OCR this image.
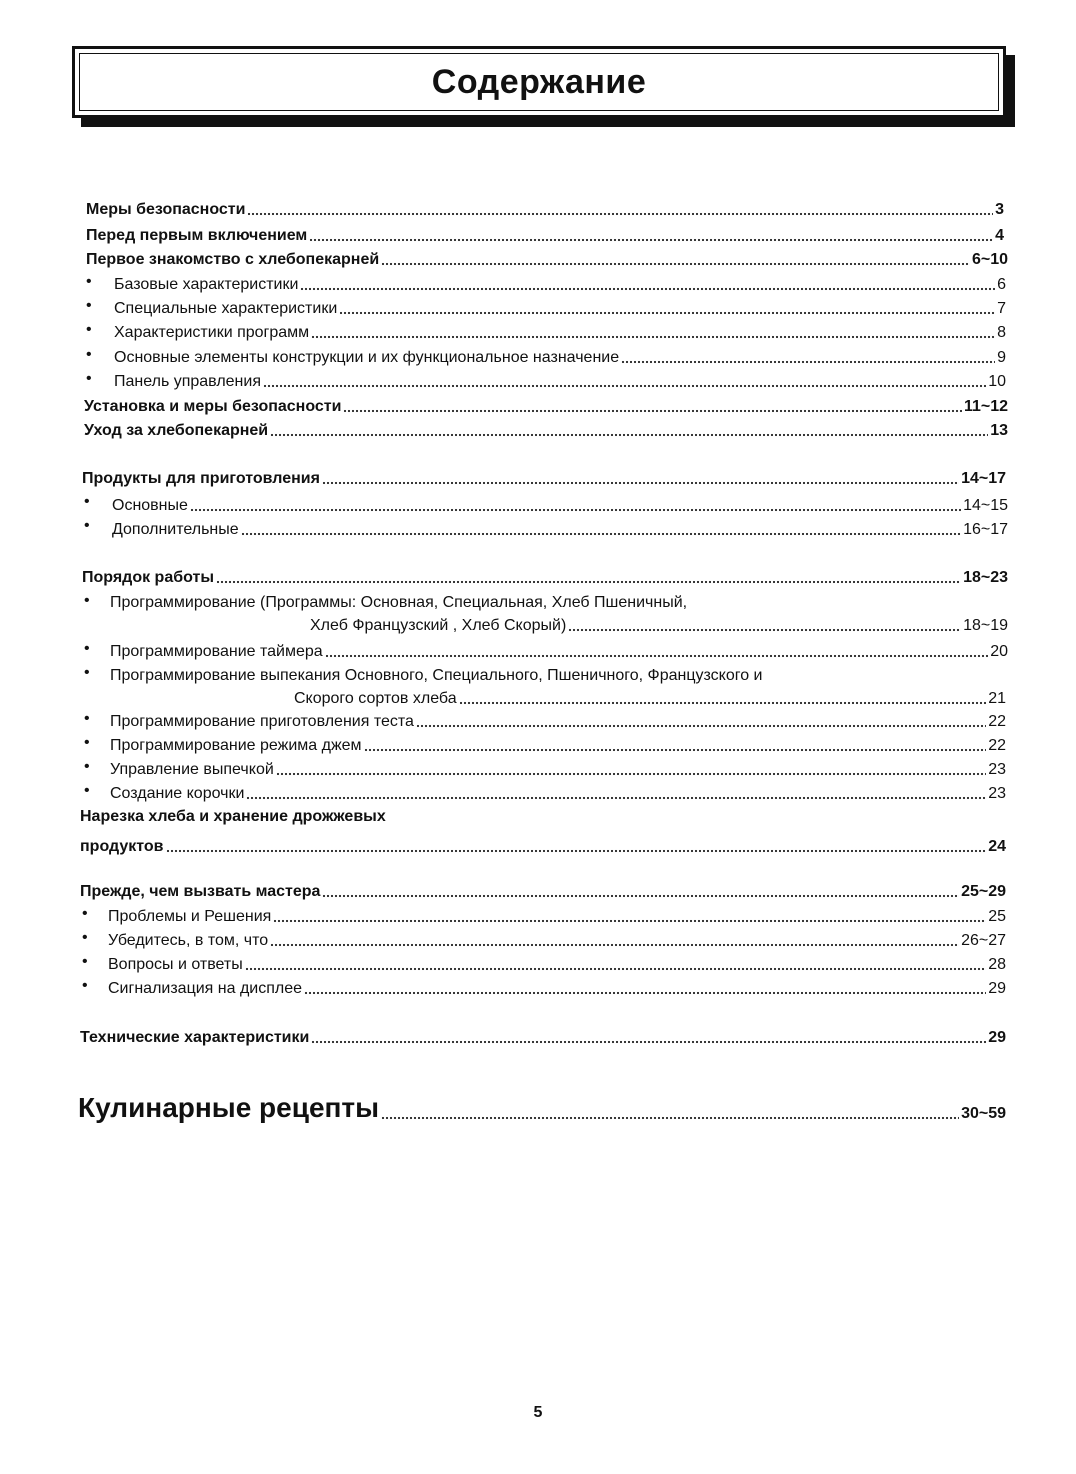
Содержание
Меры безопасности	3
Перед первым включением	4
Первое знакомство с хлебопекарней	6~10
• Базовые характеристики	6
• Специальные характеристики	7
• Характеристики программ	8
• Основные элементы конструкции и их функциональное назначение	9
• Панель управления	10
Установка и меры безопасности	11~12
Уход за хлебопекарней	13
Продукты для приготовления	14~17
• Основные	14~15
• Дополнительные	16~17
Порядок работы	18~23
• Программирование (Программы: Основная, Специальная, Хлеб Пшеничный,
Хлеб Французский , Хлеб Скорый)	18~19
• Программирование таймера	20
• Программирование выпекания Основного, Специального, Пшеничного, Французского и
Скорого сортов хлеба	21
• Программирование приготовления теста	22
• Программирование режима джем	22
• Управление выпечкой	23
• Создание корочки	23
Нарезка хлеба и хранение дрожжевых
продуктов	24
Прежде, чем вызвать мастера	25~29
• Проблемы и Решения	25
• Убедитесь, в том, что	26~27
• Вопросы и ответы	28
• Сигнализация на дисплее	29
Технические характеристики	29
Кулинарные рецепты	30~59
5
